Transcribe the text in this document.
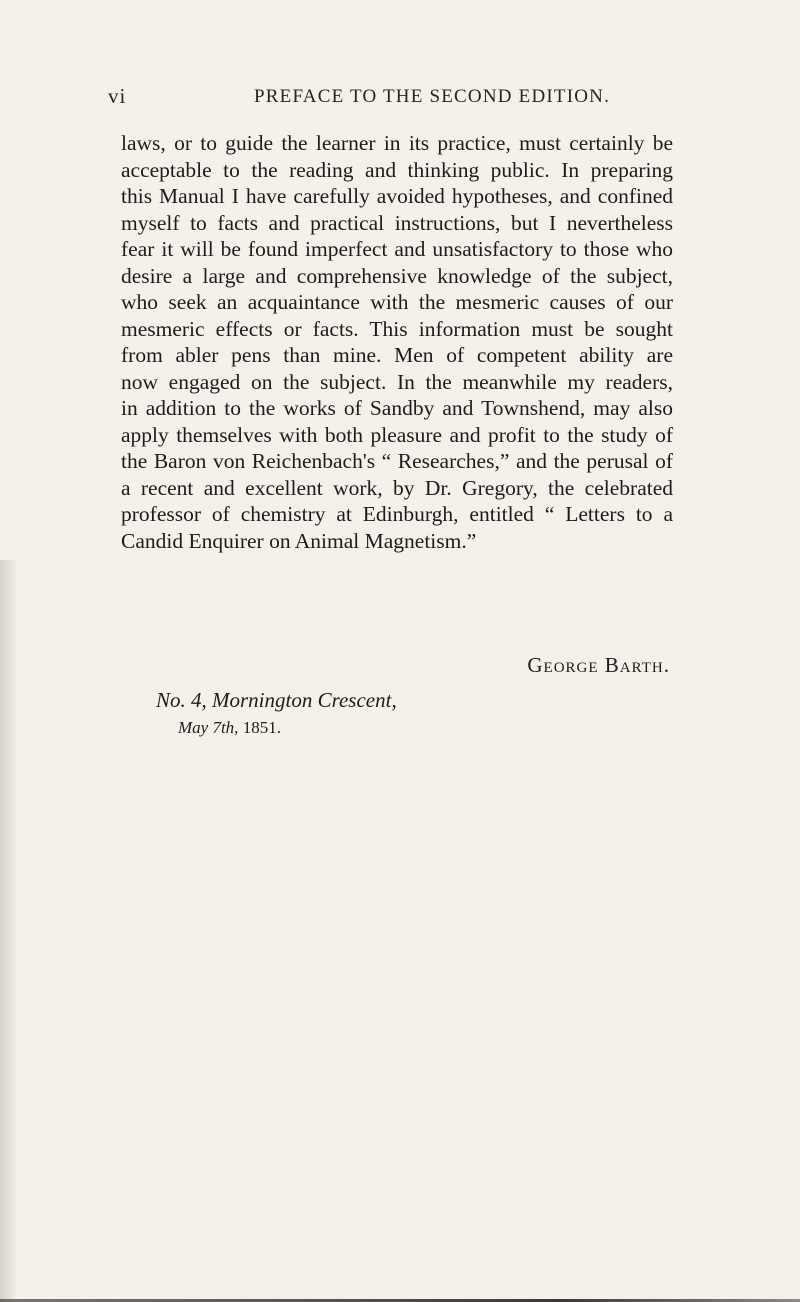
vi	PREFACE TO THE SECOND EDITION.
laws, or to guide the learner in its practice, must certainly be
acceptable to the reading and thinking public. In preparing
this Manual I have carefully avoided hypotheses, and confined
myself to facts and practical instructions, but I nevertheless
fear it will be found imperfect and unsatisfactory to those who
desire a large and comprehensive knowledge of the subject,
who seek an acquaintance with the mesmeric causes of our
mesmeric effects or facts. This information must be sought
from abler pens than mine. Men of competent ability are
now engaged on the subject. In the meanwhile my readers,
in addition to the works of Sandby and Townshend, may also
apply themselves with both pleasure and profit to the study of
the Baron von Reichenbach's “ Researches,” and the perusal of
a recent and excellent work, by Dr. Gregory, the celebrated
professor of chemistry at Edinburgh, entitled “ Letters to a
Candid Enquirer on Animal Magnetism.”
George Barth.
No. 4, Mornington Crescent,
May 7th, 1851.
